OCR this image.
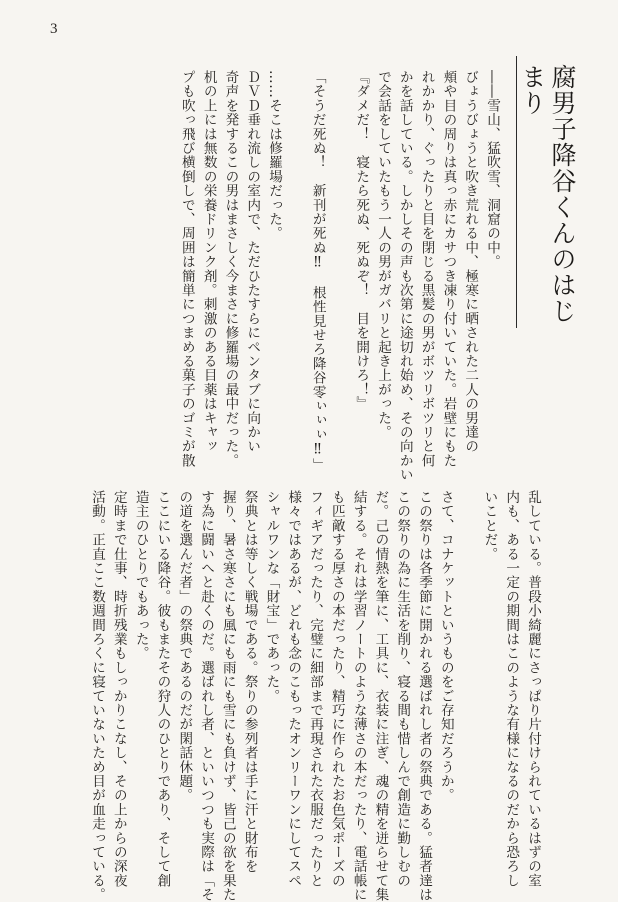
3
腐男子降谷くんのはじまり
――雪山、猛吹雪、洞窟の中。
びょうびょうと吹き荒れる中、極寒に晒された二人の男達の
頬や目の周りは真っ赤にカサつき凍り付いていた。岩壁にもた
れかかり、ぐったりと目を閉じる黒髪の男がボツリボツリと何
かを話している。しかしその声も次第に途切れ始め、その向かい
で会話をしていたもう一人の男がガバリと起き上がった。
『ダメだ！　寝たら死ぬ、死ぬぞ！　目を開けろ！』
「そうだ死ぬ！　新刊が死ぬ‼　根性見せろ降谷零ぃぃぃ‼」
……そこは修羅場だった。
ＤＶＤ垂れ流しの室内で、ただひたすらにペンタブに向かい
奇声を発するこの男はまさしく今まさに修羅場の最中だった。
机の上には無数の栄養ドリンク剤。刺激のある目薬はキャッ
プも吹っ飛び横倒しで、周囲は簡単につまめる菓子のゴミが散
乱している。普段小綺麗にさっぱり片付けられているはずの室
内も、ある一定の期間はこのような有様になるのだから恐ろし
いことだ。
さて、コナケットというものをご存知だろうか。
この祭りは各季節に開かれる選ばれし者の祭典である。猛者達は
この祭りの為に生活を削り、寝る間も惜しんで創造に勤しむの
だ。己の情熱を筆に、工具に、衣装に注ぎ、魂の精を迸らせて集
結する。それは学習ノートのような薄さの本だったり、電話帳に
も匹敵する厚さの本だったり、精巧に作られたお色気ポーズの
フィギアだったり、完璧に細部まで再現された衣服だったりと
様々ではあるが、どれも念のこもったオンリーワンにしてスペ
シャルワンな「財宝」であった。
祭典とは等しく戦場である。祭りの参列者は手に汗と財布を
握り、暑さ寒さにも風にも雨にも雪にも負けず、皆己の欲を果た
す為に闘いへと赴くのだ。選ばれし者、といいつつも実際は「そ
の道を選んだ者」の祭典であるのだが閑話休題。
ここにいる降谷。彼もまたその狩人のひとりであり、そして創
造主のひとりでもあった。
定時まで仕事、時折残業もしっかりこなし、その上からの深夜
活動。正直ここ数週間ろくに寝ていないため目が血走っている。
